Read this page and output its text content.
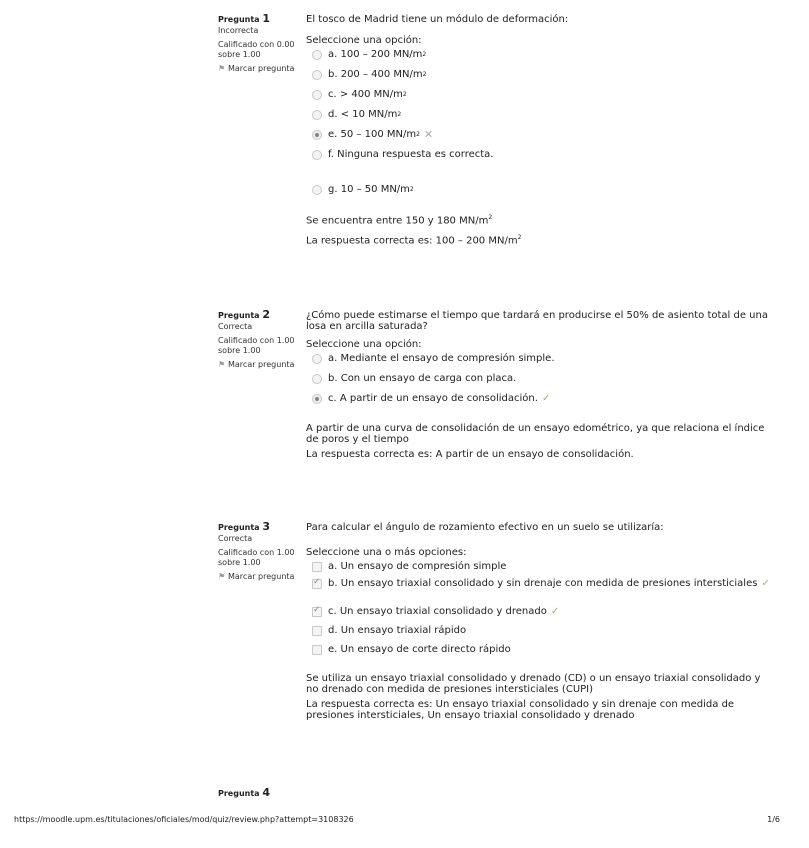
Pregunta 1
Incorrecta
Calificado con 0.00 sobre 1.00
⚑ Marcar pregunta
El tosco de Madrid tiene un módulo de deformación:
Seleccione una opción:
a. 100 – 200 MN/m 2
b. 200 – 400 MN/m 2
c. > 400 MN/m 2
d. < 10 MN/m 2
e. 50 – 100 MN/m 2 ✕
f. Ninguna respuesta es correcta.
g. 10 – 50 MN/m 2
Se encuentra entre 150 y 180 $MN/m^2$
La respuesta correcta es: 100 – 200 $MN/m^2$
Pregunta 2
Correcta
Calificado con 1.00 sobre 1.00
⚑ Marcar pregunta
¿Cómo puede estimarse el tiempo que tardará en producirse el 50% de asiento total de una losa en arcilla saturada?
Seleccione una opción:
a. Mediante el ensayo de compresión simple.
b. Con un ensayo de carga con placa.
c. A partir de un ensayo de consolidación. ✓
A partir de una curva de consolidación de un ensayo edométrico, ya que relaciona el índice de poros y el tiempo
La respuesta correcta es: A partir de un ensayo de consolidación.
Pregunta 3
Correcta
Calificado con 1.00 sobre 1.00
⚑ Marcar pregunta
Para calcular el ángulo de rozamiento efectivo en un suelo se utilizaría:
Seleccione una o más opciones:
a. Un ensayo de compresión simple
✓
b. Un ensayo triaxial consolidado y sin drenaje con medida de presiones intersticiales ✓
✓
c. Un ensayo triaxial consolidado y drenado ✓
d. Un ensayo triaxial rápido
e. Un ensayo de corte directo rápido
Se utiliza un ensayo triaxial consolidado y drenado (CD) o un ensayo triaxial consolidado y no drenado con medida de presiones intersticiales (CUPI)
La respuesta correcta es: Un ensayo triaxial consolidado y sin drenaje con medida de presiones intersticiales, Un ensayo triaxial consolidado y drenado
Pregunta 4
https://moodle.upm.es/titulaciones/oficiales/mod/quiz/review.php?attempt=3108326	1/6
